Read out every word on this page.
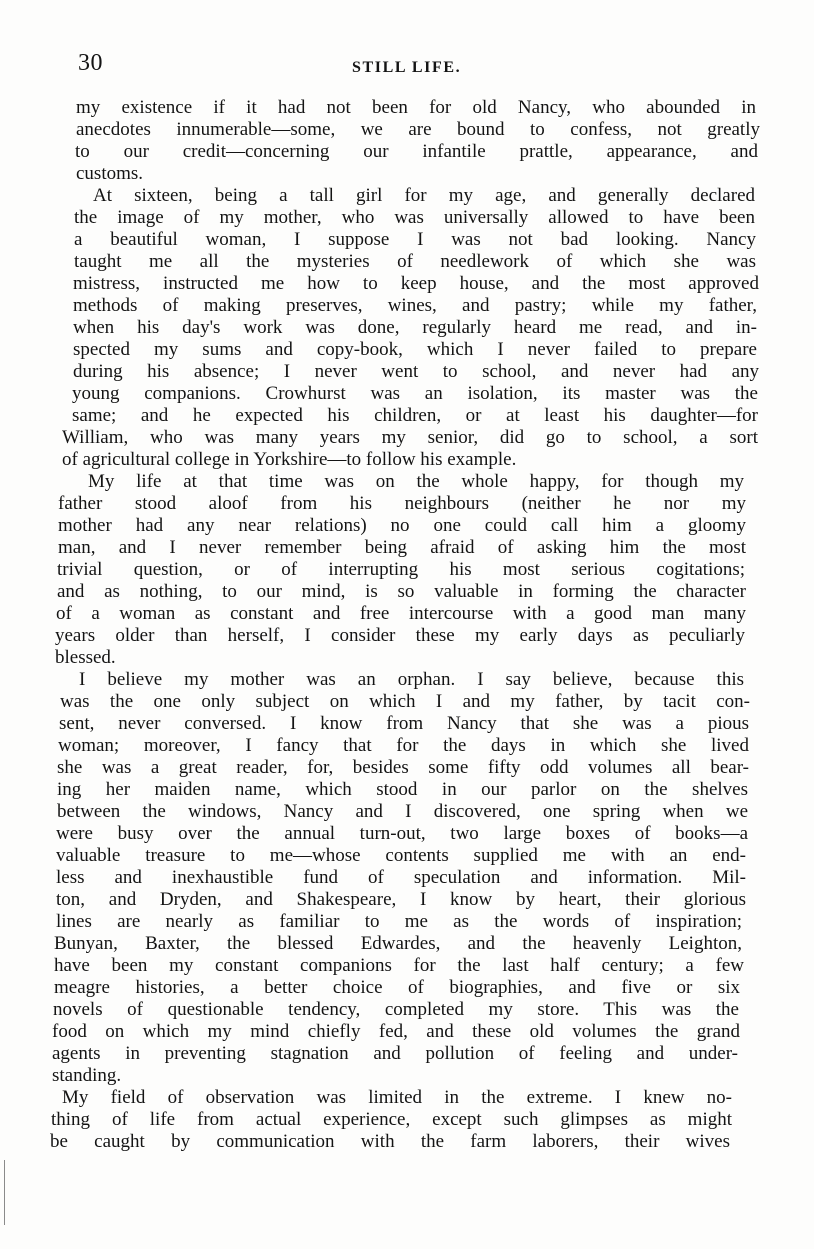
30	STILL LIFE.
my existence if it had not been for old Nancy, who abounded in
anecdotes innumerable—some, we are bound to confess, not greatly
to our credit—concerning our infantile prattle, appearance, and
customs.
At sixteen, being a tall girl for my age, and generally declared
the image of my mother, who was universally allowed to have been
a beautiful woman, I suppose I was not bad looking. Nancy
taught me all the mysteries of needlework of which she was
mistress, instructed me how to keep house, and the most approved
methods of making preserves, wines, and pastry; while my father,
when his day's work was done, regularly heard me read, and in-
spected my sums and copy-book, which I never failed to prepare
during his absence; I never went to school, and never had any
young companions. Crowhurst was an isolation, its master was the
same; and he expected his children, or at least his daughter—for
William, who was many years my senior, did go to school, a sort
of agricultural college in Yorkshire—to follow his example.
My life at that time was on the whole happy, for though my
father stood aloof from his neighbours (neither he nor my
mother had any near relations) no one could call him a gloomy
man, and I never remember being afraid of asking him the most
trivial question, or of interrupting his most serious cogitations;
and as nothing, to our mind, is so valuable in forming the character
of a woman as constant and free intercourse with a good man many
years older than herself, I consider these my early days as peculiarly
blessed.
I believe my mother was an orphan. I say believe, because this
was the one only subject on which I and my father, by tacit con-
sent, never conversed. I know from Nancy that she was a pious
woman; moreover, I fancy that for the days in which she lived
she was a great reader, for, besides some fifty odd volumes all bear-
ing her maiden name, which stood in our parlor on the shelves
between the windows, Nancy and I discovered, one spring when we
were busy over the annual turn-out, two large boxes of books—a
valuable treasure to me—whose contents supplied me with an end-
less and inexhaustible fund of speculation and information. Mil-
ton, and Dryden, and Shakespeare, I know by heart, their glorious
lines are nearly as familiar to me as the words of inspiration;
Bunyan, Baxter, the blessed Edwardes, and the heavenly Leighton,
have been my constant companions for the last half century; a few
meagre histories, a better choice of biographies, and five or six
novels of questionable tendency, completed my store. This was the
food on which my mind chiefly fed, and these old volumes the grand
agents in preventing stagnation and pollution of feeling and under-
standing.
My field of observation was limited in the extreme. I knew no-
thing of life from actual experience, except such glimpses as might
be caught by communication with the farm laborers, their wives
